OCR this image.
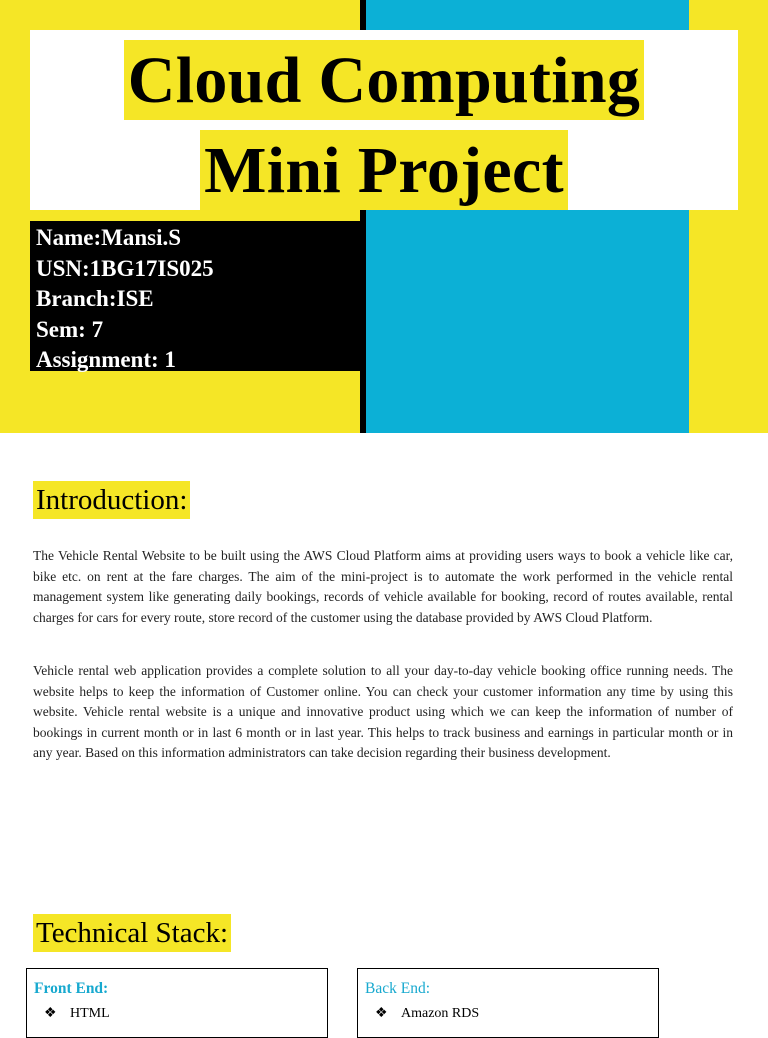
Cloud Computing
Mini Project
Name:Mansi.S
USN:1BG17IS025
Branch:ISE
Sem: 7
Assignment: 1
Introduction:
The Vehicle Rental Website to be built using the AWS Cloud Platform aims at providing users ways to book a vehicle like car, bike etc. on rent at the fare charges. The aim of the mini-project is to automate the work performed in the vehicle rental management system like generating daily bookings, records of vehicle available for booking, record of routes available, rental charges for cars for every route, store record of the customer using the database provided by AWS Cloud Platform.
Vehicle rental web application provides a complete solution to all your day-to-day vehicle booking office running needs. The website helps to keep the information of Customer online. You can check your customer information any time by using this website. Vehicle rental website is a unique and innovative product using which we can keep the information of number of bookings in current month or in last 6 month or in last year. This helps to track business and earnings in particular month or in any year. Based on this information administrators can take decision regarding their business development.
Technical Stack:
Front End:
❖ HTML
Back End:
❖ Amazon RDS
